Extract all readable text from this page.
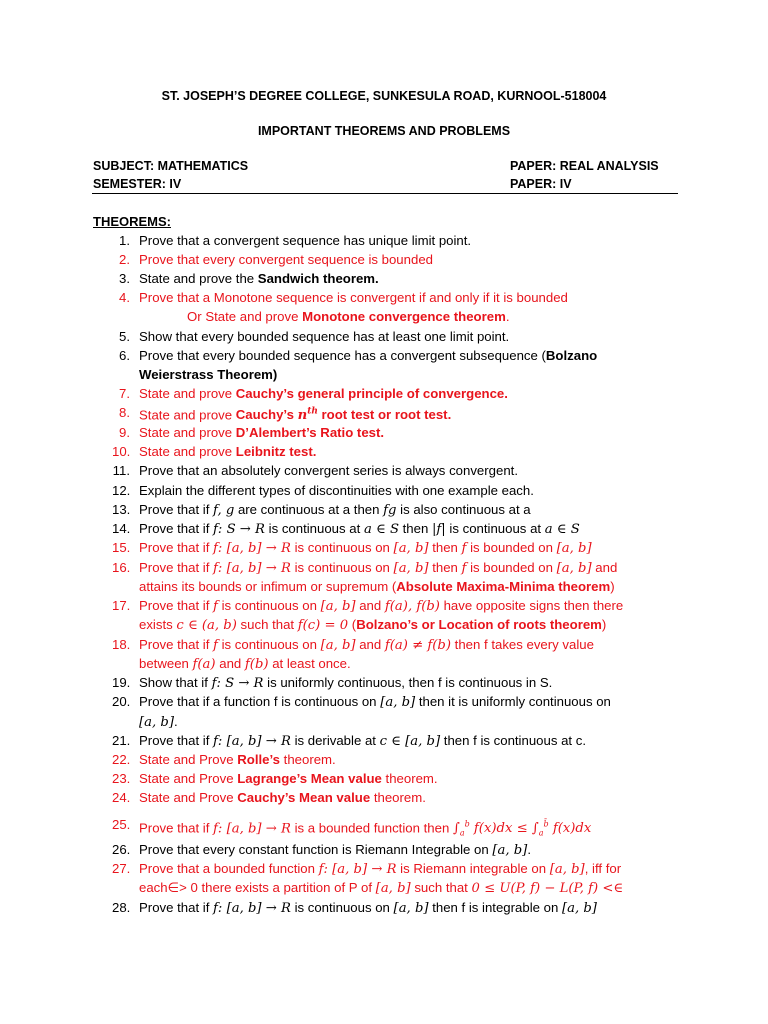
ST. JOSEPH’S DEGREE COLLEGE, SUNKESULA ROAD, KURNOOL-518004
IMPORTANT THEOREMS AND PROBLEMS
SUBJECT: MATHEMATICS	PAPER: REAL ANALYSIS
SEMESTER: IV	PAPER: IV
THEOREMS:
1. Prove that a convergent sequence has unique limit point.
2. Prove that every convergent sequence is bounded
3. State and prove the Sandwich theorem.
4. Prove that a Monotone sequence is convergent if and only if it is bounded
Or State and prove Monotone convergence theorem.
5. Show that every bounded sequence has at least one limit point.
6. Prove that every bounded sequence has a convergent subsequence (Bolzano
Weierstrass Theorem)
7. State and prove Cauchy’s general principle of convergence.
8. State and prove Cauchy’s $n^{th}$ root test or root test.
9. State and prove D’Alembert’s Ratio test.
10. State and prove Leibnitz test.
11. Prove that an absolutely convergent series is always convergent.
12. Explain the different types of discontinuities with one example each.
13. Prove that if f, g are continuous at a then fg is also continuous at a
14. Prove that if f: S → R is continuous at a ∈ S then |f| is continuous at a ∈ S
15. Prove that if f: [a, b] → R is continuous on [a, b] then f is bounded on [a, b]
16. Prove that if f: [a, b] → R is continuous on [a, b] then f is bounded on [a, b] and
attains its bounds or infimum or supremum (Absolute Maxima-Minima theorem)
17. Prove that if f is continuous on [a, b] and f(a), f(b) have opposite signs then there
exists c ∈ (a, b) such that f(c) = 0 (Bolzano’s or Location of roots theorem)
18. Prove that if f is continuous on [a, b] and f(a) ≠ f(b) then f takes every value
between f(a) and f(b) at least once.
19. Show that if f: S → R is uniformly continuous, then f is continuous in S.
20. Prove that if a function f is continuous on [a, b] then it is uniformly continuous on
[a, b].
21. Prove that if f: [a, b] → R is derivable at c ∈ [a, b] then f is continuous at c.
22. State and Prove Rolle’s theorem.
23. State and Prove Lagrange’s Mean value theorem.
24. State and Prove Cauchy’s Mean value theorem.
25. Prove that if f: [a, b] → R is a bounded function then $\int_a^b$ $f(x)dx \le \int_a^{b̄}$ f(x)dx
26. Prove that every constant function is Riemann Integrable on [a, b].
27. Prove that a bounded function f: [a, b] → R is Riemann integrable on [a, b], iff for
each∈> 0 there exists a partition of P of [a, b] such that 0 ≤ U(P, f) − L(P, f) <∈
28. Prove that if f: [a, b] → R is continuous on [a, b] then f is integrable on [a, b]
